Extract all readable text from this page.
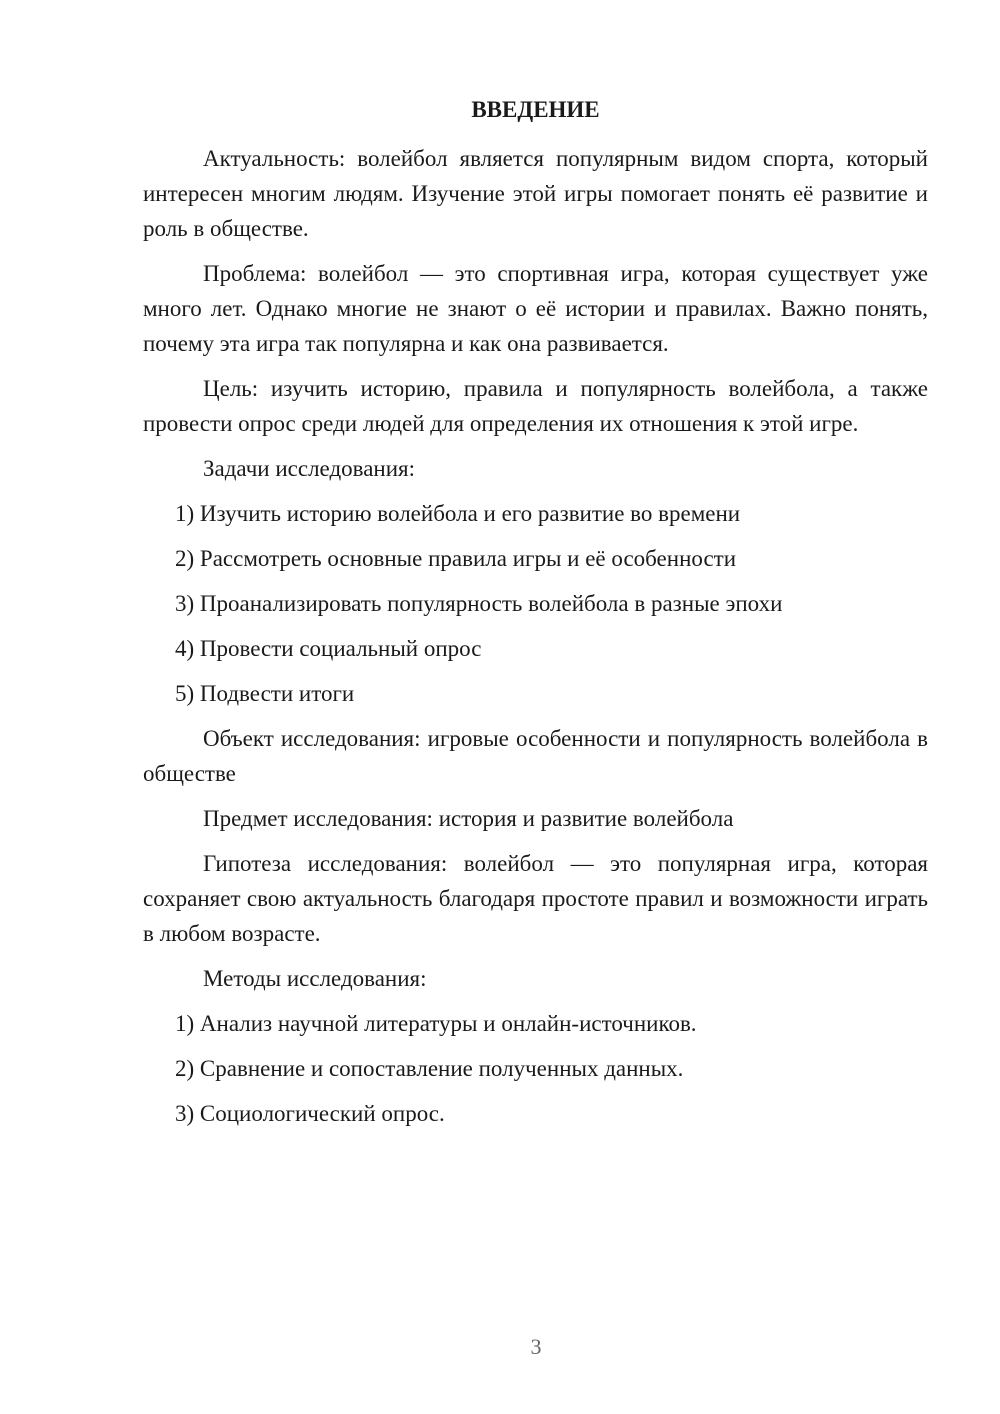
ВВЕДЕНИЕ

Актуальность: волейбол является популярным видом спорта, который интересен многим людям. Изучение этой игры помогает понять её развитие и роль в обществе.

Проблема: волейбол — это спортивная игра, которая существует уже много лет. Однако многие не знают о её истории и правилах. Важно понять, почему эта игра так популярна и как она развивается.

Цель: изучить историю, правила и популярность волейбола, а также провести опрос среди людей для определения их отношения к этой игре.

Задачи исследования:

1) Изучить историю волейбола и его развитие во времени
2) Рассмотреть основные правила игры и её особенности
3) Проанализировать популярность волейбола в разные эпохи
4) Провести социальный опрос
5) Подвести итоги

Объект исследования: игровые особенности и популярность волейбола в обществе

Предмет исследования: история и развитие волейбола

Гипотеза исследования: волейбол — это популярная игра, которая сохраняет свою актуальность благодаря простоте правил и возможности играть в любом возрасте.

Методы исследования:

1) Анализ научной литературы и онлайн-источников.
2) Сравнение и сопоставление полученных данных.
3) Социологический опрос.
3
